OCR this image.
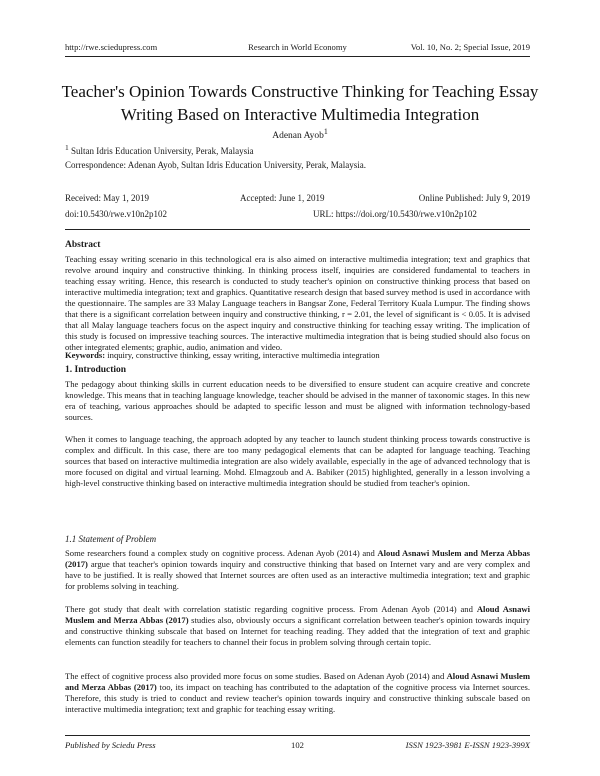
http://rwe.sciedupress.com	Research in World Economy	Vol. 10, No. 2; Special Issue, 2019
Teacher's Opinion Towards Constructive Thinking for Teaching Essay Writing Based on Interactive Multimedia Integration
Adenan Ayob$^1$
$^1$ Sultan Idris Education University, Perak, Malaysia
Correspondence: Adenan Ayob, Sultan Idris Education University, Perak, Malaysia.
Received: May 1, 2019	Accepted: June 1, 2019	Online Published: July 9, 2019
doi:10.5430/rwe.v10n2p102	URL: https://doi.org/10.5430/rwe.v10n2p102
Abstract

Teaching essay writing scenario in this technological era is also aimed on interactive multimedia integration; text and graphics that revolve around inquiry and constructive thinking. In thinking process itself, inquiries are considered fundamental to teachers in teaching essay writing. Hence, this research is conducted to study teacher's opinion on constructive thinking process that based on interactive multimedia integration; text and graphics. Quantitative research design that based survey method is used in accordance with the questionnaire. The samples are 33 Malay Language teachers in Bangsar Zone, Federal Territory Kuala Lumpur. The finding shows that there is a significant correlation between inquiry and constructive thinking, r = 2.01, the level of significant is < 0.05. It is advised that all Malay language teachers focus on the aspect inquiry and constructive thinking for teaching essay writing. The implication of this study is focused on impressive teaching sources. The interactive multimedia integration that is being studied should also focus on other integrated elements; graphic, audio, animation and video.

Keywords: inquiry, constructive thinking, essay writing, interactive multimedia integration
1. Introduction

The pedagogy about thinking skills in current education needs to be diversified to ensure student can acquire creative and concrete knowledge. This means that in teaching language knowledge, teacher should be advised in the manner of taxonomic stages. In this new era of teaching, various approaches should be adapted to specific lesson and must be aligned with information technology-based sources.

When it comes to language teaching, the approach adopted by any teacher to launch student thinking process towards constructive is complex and difficult. In this case, there are too many pedagogical elements that can be adapted for language teaching. Teaching sources that based on interactive multimedia integration are also widely available, especially in the age of advanced technology that is more focused on digital and virtual learning. Mohd. Elmagzoub and A. Babiker (2015) highlighted, generally in a lesson involving a high-level constructive thinking based on interactive multimedia integration should be studied from teacher's opinion.

1.1 Statement of Problem

Some researchers found a complex study on cognitive process. Adenan Ayob (2014) and Aloud Asnawi Muslem and Merza Abbas (2017) argue that teacher's opinion towards inquiry and constructive thinking that based on Internet vary and are very complex and have to be justified. It is really showed that Internet sources are often used as an interactive multimedia integration; text and graphic for problems solving in teaching.

There got study that dealt with correlation statistic regarding cognitive process. From Adenan Ayob (2014) and Aloud Asnawi Muslem and Merza Abbas (2017) studies also, obviously occurs a significant correlation between teacher's opinion towards inquiry and constructive thinking subscale that based on Internet for teaching reading. They added that the integration of text and graphic elements can function steadily for teachers to channel their focus in problem solving through certain topic.

The effect of cognitive process also provided more focus on some studies. Based on Adenan Ayob (2014) and Aloud Asnawi Muslem and Merza Abbas (2017) too, its impact on teaching has contributed to the adaptation of the cognitive process via Internet sources. Therefore, this study is tried to conduct and review teacher's opinion towards inquiry and constructive thinking subscale based on interactive multimedia integration; text and graphic for teaching essay writing.

Published by Sciedu Press	102	ISSN 1923-3981 E-ISSN 1923-399X
